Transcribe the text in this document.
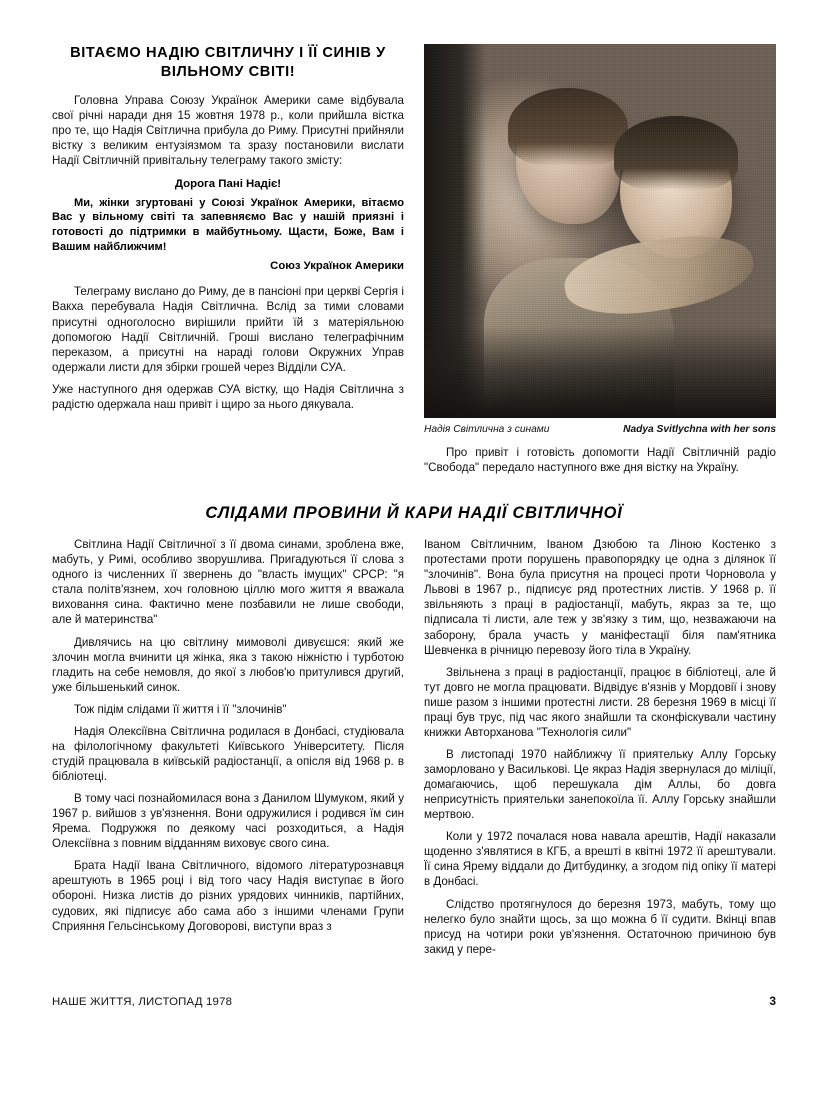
ВІТАЄМО НАДІЮ СВІТЛИЧНУ І ЇЇ СИНІВ У ВІЛЬНОМУ СВІТІ!

Головна Управа Союзу Українок Америки саме відбувала свої річні наради дня 15 жовтня 1978 р., коли прийшла вістка про те, що Надія Світлична прибула до Риму. Присутні прийняли вістку з великим ентузіязмом та зразу постановили вислати Надії Світличній привітальну телеграму такого змісту:

Дорога Пані Надіє!

Ми, жінки згуртовані у Союзі Українок Америки, вітаємо Вас у вільному світі та запевняємо Вас у нашій приязні і готовості до підтримки в майбутньому. Щасти, Боже, Вам і Вашим найближчим!

Союз Українок Америки

Телеграму вислано до Риму, де в пансіоні при церкві Сергія і Вакха перебувала Надія Світлична. Вслід за тими словами присутні одноголосно вирішили прийти їй з матеріяльною допомогою Надії Світличній. Гроші вислано телеграфічним переказом, а присутні на нараді голови Окружних Управ одержали листи для збірки грошей через Відділи СУА.

Уже наступного дня одержав СУА вістку, що Надія Світлична з радістю одержала наш привіт і щиро за нього дякувала.

Надія Світлична з синами	Nadya Svitlychna with her sons

Про привіт і готовість допомогти Надії Світличній радіо "Свобода" передало наступного вже дня вістку на Україну.

СЛІДАМИ ПРОВИНИ Й КАРИ НАДІЇ СВІТЛИЧНОЇ

Світлина Надії Світличної з її двома синами, зроблена вже, мабуть, у Римі, особливо зворушлива. Пригадуються її слова з одного із численних її звернень до "власть імущих" СРСР: "я стала політв'язнем, хоч головною ціллю мого життя я вважала виховання сина. Фактично мене позбавили не лише свободи, але й материнства"

Дивлячись на цю світлину мимоволі дивуєшся: який же злочин могла вчинити ця жінка, яка з такою ніжністю і турботою гладить на себе немовля, до якої з любов'ю притулився другий, уже більшенький синок.

Тож підім слідами її життя і її "злочинів"

Надія Олексіївна Світлична родилася в Донбасі, студіювала на філологічному факультеті Київського Університету. Після студій працювала в київській радіостанції, а опісля від 1968 р. в бібліотеці.

В тому часі познайомилася вона з Данилом Шумуком, який у 1967 р. вийшов з ув'язнення. Вони одружилися і родився їм син Ярема. Подружжя по деякому часі розходиться, а Надія Олексіївна з повним відданням виховує свого сина.

Брата Надії Івана Світличного, відомого літературознавця арештують в 1965 році і від того часу Надія виступає в його обороні. Низка листів до різних урядових чинників, партійних, судових, які підписує або сама або з іншими членами Групи Сприяння Гельсінському Договорові, виступи враз з

Іваном Світличним, Іваном Дзюбою та Ліною Костенко з протестами проти порушень правопорядку це одна з ділянок її "злочинів". Вона була присутня на процесі проти Чорновола у Львові в 1967 р., підписує ряд протестних листів. У 1968 р. її звільняють з праці в радіостанції, мабуть, якраз за те, що підписала ті листи, але теж у зв'язку з тим, що, незважаючи на заборону, брала участь у маніфестації біля пам'ятника Шевченка в річницю перевозу його тіла в Україну.

Звільнена з праці в радіостанції, працює в бібліотеці, але й тут довго не могла працювати. Відвідує в'язнів у Мордовії і знову пише разом з іншими протестні листи. 28 березня 1969 в місці її праці був трус, під час якого знайшли та сконфіскували частину книжки Авторханова "Технологія сили"

В листопаді 1970 найближчу її приятельку Аллу Горську заморловано у Василькові. Це якраз Надія звернулася до міліції, домагаючись, щоб перешукала дім Аллы, бо довга неприсутність приятельки занепокоїла її. Аллу Горську знайшли мертвою.

Коли у 1972 почалася нова навала арештів, Надії наказали щоденно з'являтися в КГБ, а врешті в квітні 1972 її арештували. Її сина Ярему віддали до Дитбудинку, а згодом під опіку її матері в Донбасі.

Слідство протягнулося до березня 1973, мабуть, тому що нелегко було знайти щось, за що можна б її судити. Вкінці впав присуд на чотири роки ув'язнення. Остаточною причиною був закид у пере-

НАШЕ ЖИТТЯ, ЛИСТОПАД 1978	3
